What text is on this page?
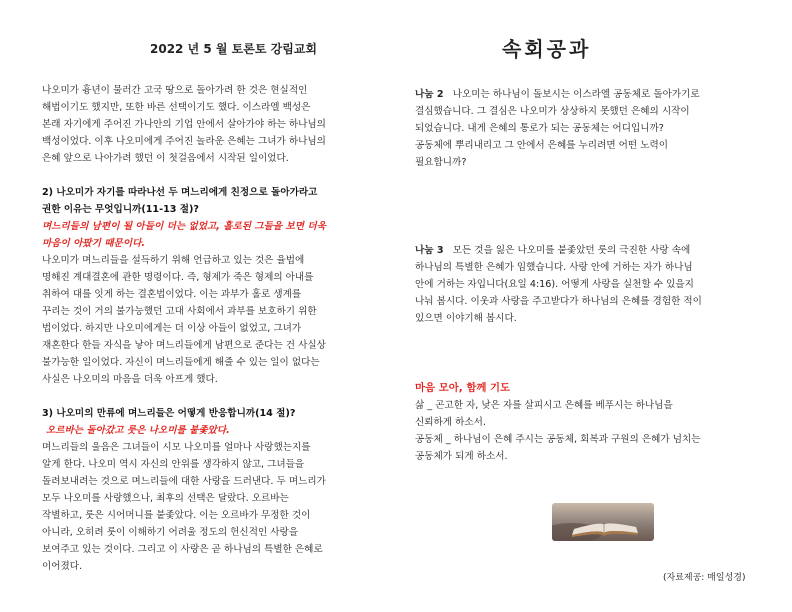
2022 년 5 월 토론토 강림교회	속회공과

나오미가 흉년이 물러간 고국 땅으로 돌아가려 한 것은 현실적인
해법이기도 했지만, 또한 바른 선택이기도 했다. 이스라엘 백성은
본래 자기에게 주어진 가나안의 기업 안에서 살아가야 하는 하나님의
백성이었다. 이후 나오미에게 주어진 놀라운 은혜는 그녀가 하나님의
은혜 앞으로 나아가려 했던 이 첫걸음에서 시작된 일이었다.

2) 나오미가 자기를 따라나선 두 며느리에게 친정으로 돌아가라고
권한 이유는 무엇입니까(11-13 절)?

며느리들의 남편이 될 아들이 더는 없었고, 홀로된 그들을 보면 더욱
마음이 아팠기 때문이다.

나오미가 며느리들을 설득하기 위해 언급하고 있는 것은 율법에
명해진 계대결혼에 관한 명령이다. 즉, 형제가 죽은 형제의 아내를
취하여 대를 잇게 하는 결혼법이었다. 이는 과부가 홀로 생계를
꾸리는 것이 거의 불가능했던 고대 사회에서 과부를 보호하기 위한
법이었다. 하지만 나오미에게는 더 이상 아들이 없었고, 그녀가
재혼한다 한들 자식을 낳아 며느리들에게 남편으로 준다는 건 사실상
불가능한 일이었다. 자신이 며느리들에게 해줄 수 있는 일이 없다는
사실은 나오미의 마음을 더욱 아프게 했다.

3) 나오미의 만류에 며느리들은 어떻게 반응합니까(14 절)?

오르바는 돌아갔고 룻은 나오미를 붙좇았다.

며느리들의 울음은 그녀들이 시모 나오미를 얼마나 사랑했는지를
알게 한다. 나오미 역시 자신의 안위를 생각하지 않고, 그녀들을
돌려보내려는 것으로 며느리들에 대한 사랑을 드러낸다. 두 며느리가
모두 나오미를 사랑했으나, 최후의 선택은 달랐다. 오르바는
작별하고, 룻은 시어머니를 붙좇았다. 이는 오르바가 무정한 것이
아니라, 오히려 룻이 이해하기 어려울 정도의 헌신적인 사랑을
보여주고 있는 것이다. 그리고 이 사랑은 곧 하나님의 특별한 은혜로
이어졌다.

나눔 2 나오미는 하나님이 돌보시는 이스라엘 공동체로 돌아가기로
결심했습니다. 그 결심은 나오미가 상상하지 못했던 은혜의 시작이
되었습니다. 내게 은혜의 통로가 되는 공동체는 어디입니까?
공동체에 뿌리내리고 그 안에서 은혜를 누리려면 어떤 노력이
필요합니까?

나눔 3 모든 것을 잃은 나오미를 붙좇았던 룻의 극진한 사랑 속에
하나님의 특별한 은혜가 임했습니다. 사랑 안에 거하는 자가 하나님
안에 거하는 자입니다(요일 4:16). 어떻게 사랑을 실천할 수 있을지
나눠 봅시다. 이웃과 사랑을 주고받다가 하나님의 은혜를 경험한 적이
있으면 이야기해 봅시다.

마음 모아, 함께 기도

삶 _ 곤고한 자, 낮은 자를 살피시고 은혜를 베푸시는 하나님을
신뢰하게 하소서.

공동체 _ 하나님이 은혜 주시는 공동체, 회복과 구원의 은혜가 넘치는
공동체가 되게 하소서.

(자료제공: 매일성경)
